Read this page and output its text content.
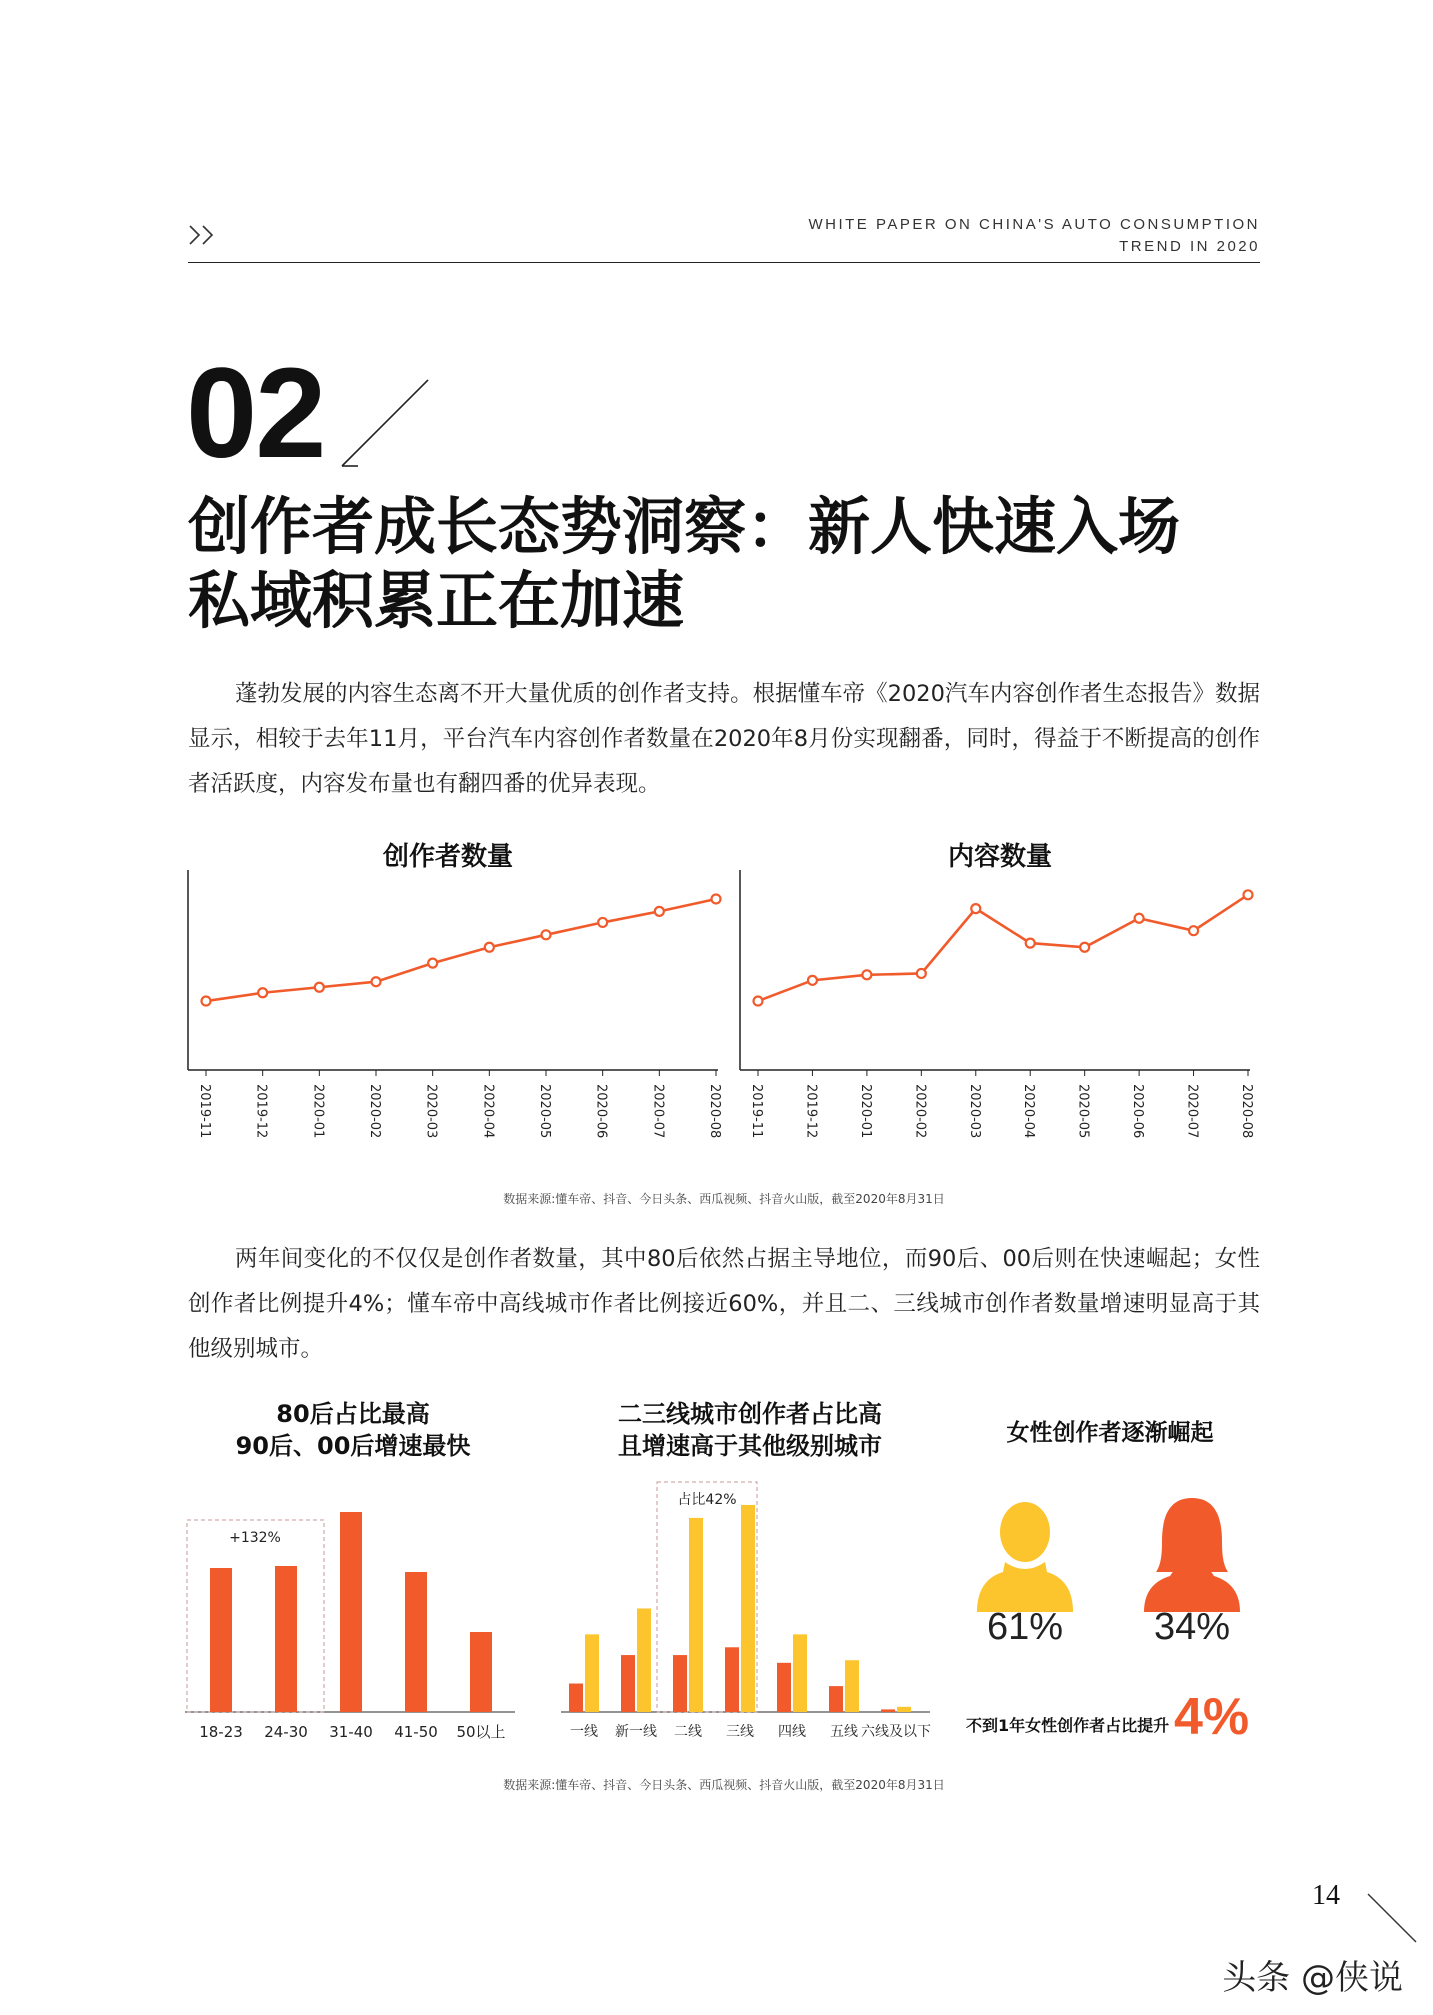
WHITE PAPER ON CHINA'S AUTO CONSUMPTION
TREND IN 2020
02
创作者成长态势洞察：新人快速入场
私域积累正在加速
蓬勃发展的内容生态离不开大量优质的创作者支持。根据懂车帝《2020汽车内容创作者生态报告》数据显示，相较于去年11月，平台汽车内容创作者数量在2020年8月份实现翻番，同时，得益于不断提高的创作者活跃度，内容发布量也有翻四番的优异表现。
创作者数量	内容数量
2019-11	2019-12	2020-01	2020-02	2020-03	2020-04	2020-05	2020-06	2020-07	2020-08 2019-11	2019-12	2020-01	2020-02	2020-03	2020-04	2020-05	2020-06	2020-07	2020-08
数据来源:懂车帝、抖音、今日头条、西瓜视频、抖音火山版，截至2020年8月31日
两年间变化的不仅仅是创作者数量，其中80后依然占据主导地位，而90后、00后则在快速崛起；女性创作者比例提升4%；懂车帝中高线城市作者比例接近60%，并且二、三线城市创作者数量增速明显高于其他级别城市。
80后占比最高
90后、00后增速最快
二三线城市创作者占比高
且增速高于其他级别城市	女性创作者逐渐崛起
+132%
18-23 24-30 31-40 41-50 50以上
占比42%
一线 新一线 二线 三线 四线 五线 六线及以下
61%	34%
不到1年女性创作者占比提升 4%
数据来源:懂车帝、抖音、今日头条、西瓜视频、抖音火山版，截至2020年8月31日
14
头条 @侠说
